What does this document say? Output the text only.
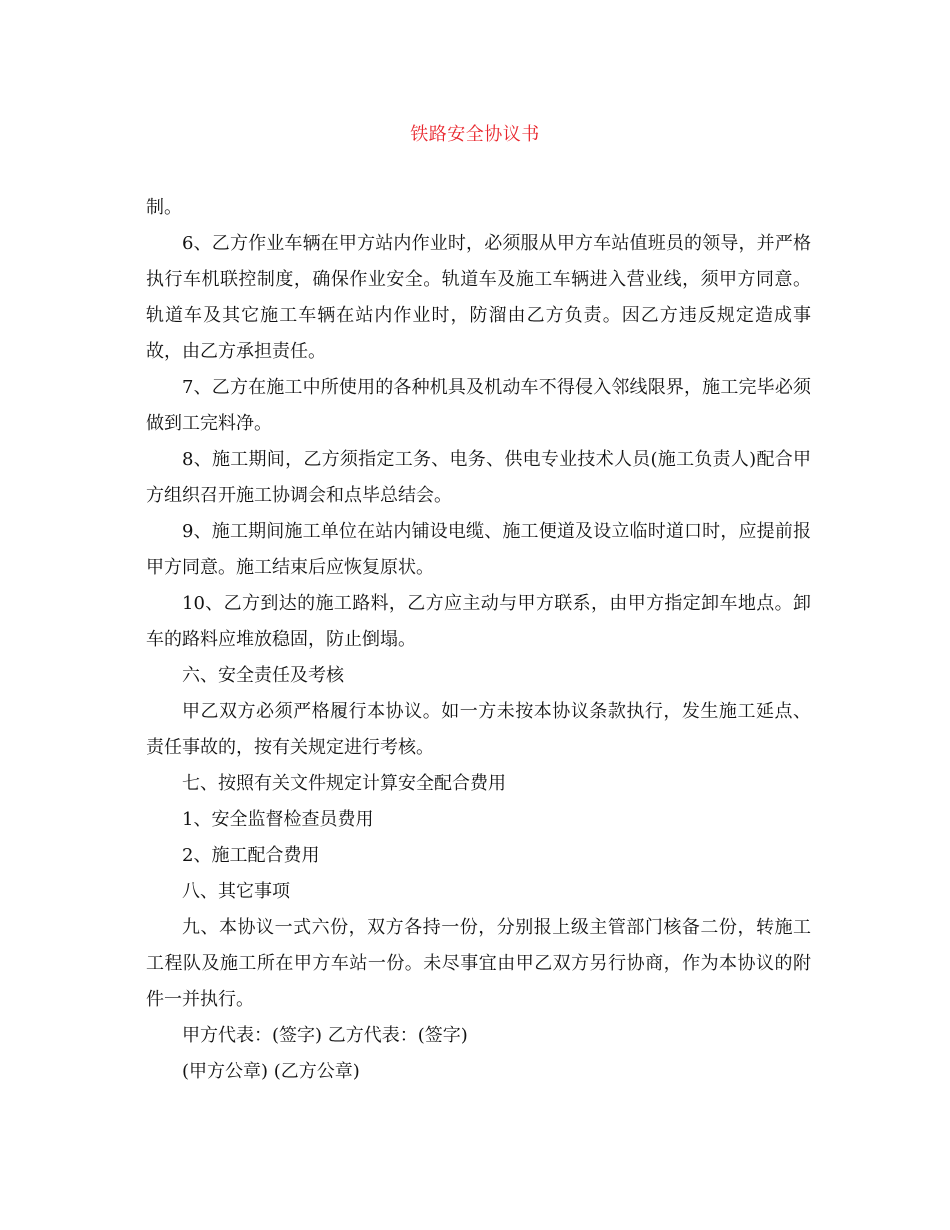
铁路安全协议书

制。

6、乙方作业车辆在甲方站内作业时，必须服从甲方车站值班员的领导，并严格执行车机联控制度，确保作业安全。轨道车及施工车辆进入营业线，须甲方同意。轨道车及其它施工车辆在站内作业时，防溜由乙方负责。因乙方违反规定造成事故，由乙方承担责任。

7、乙方在施工中所使用的各种机具及机动车不得侵入邻线限界，施工完毕必须做到工完料净。

8、施工期间，乙方须指定工务、电务、供电专业技术人员(施工负责人)配合甲方组织召开施工协调会和点毕总结会。

9、施工期间施工单位在站内铺设电缆、施工便道及设立临时道口时，应提前报甲方同意。施工结束后应恢复原状。

10、乙方到达的施工路料，乙方应主动与甲方联系，由甲方指定卸车地点。卸车的路料应堆放稳固，防止倒塌。

六、安全责任及考核

甲乙双方必须严格履行本协议。如一方未按本协议条款执行，发生施工延点、责任事故的，按有关规定进行考核。

七、按照有关文件规定计算安全配合费用

1、安全监督检查员费用

2、施工配合费用

八、其它事项

九、本协议一式六份，双方各持一份，分别报上级主管部门核备二份，转施工工程队及施工所在甲方车站一份。未尽事宜由甲乙双方另行协商，作为本协议的附件一并执行。

甲方代表：(签字) 乙方代表：(签字)

(甲方公章) (乙方公章)
